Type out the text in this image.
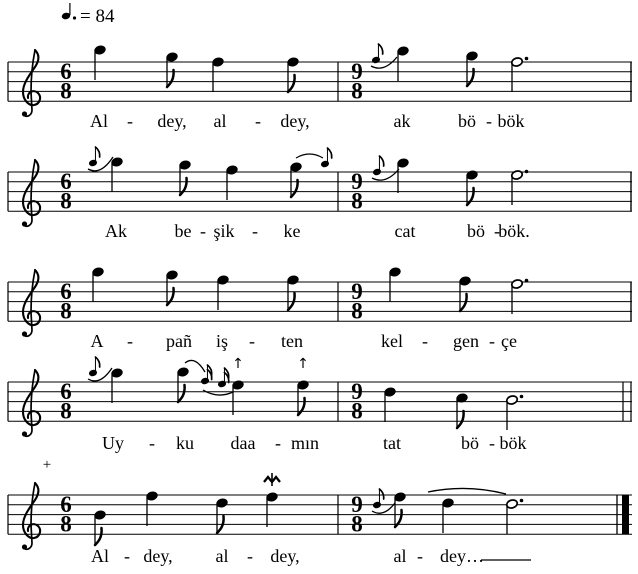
= 84
6
8
9
8
Al - dey, al - dey,	ak	bö - bök
6
8
9
8
Ak	be - şik - ke	cat	bö -
bök.
6
8
9
8
A - pañ iş - ten	kel - gen - çe
6
8
9
8
↑	↑
Uy - ku daa - mın	tat	bö - bök
6
8
9
8
+
Al - dey, al - dey,	al - dey…
